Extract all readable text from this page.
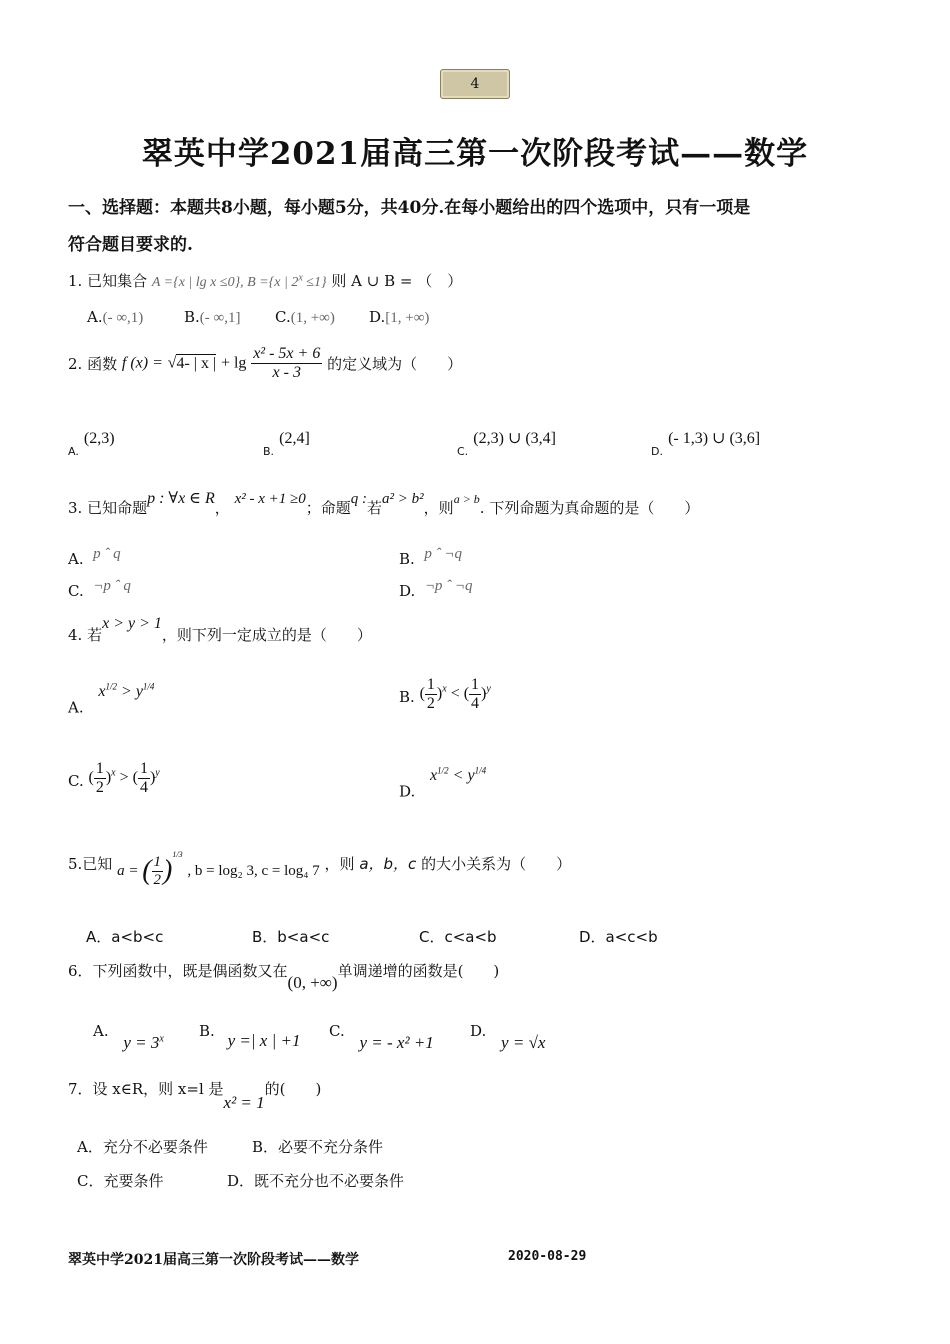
4
翠英中学2021届高三第一次阶段考试——数学
一、选择题：本题共8小题，每小题5分，共40分.在每小题给出的四个选项中，只有一项是
符合题目要求的.
1. 已知集合 A ={x | lg x ≤0}, B ={x | $2^x \le 1$} 则 A ∪ B = （　）
A.(- ∞,1)	B.(- ∞,1] C.(1, +∞) D.[1, +∞)
2. 函数 f (x) = √4- | x | + $\lg \frac{\text{x² - 5x + 6}}{x - 3}$ 的定义域为（　　）
$_{A.}$ (2,3)
$_{B.}$ (2,4]
$_{C.}$ (2,3) ∪ (3,4]
$_{D.}$ (- 1,3) ∪ (3,6]
3. 已知命题p : ∀x ∈ R， x² - x +1 ≥0；命题q :若a² > b²，则a > b. 下列命题为真命题的是（　　）
A. p ˆ q	B. p ˆ ¬q
C. ¬p ˆ q	D. ¬p ˆ ¬q
4. 若x > y > 1，则下列一定成立的是（　　）
A. $x^{1/2} > y^{1/4}$
B. ( $\frac{1}{2} )^x$ < ( $\frac{1}{4} )^y$
C. ( $\frac{1}{2} )^x$ > ( $\frac{1}{4} )^y$
D. $x^{1/2} < y^{1/4}$
5.已知 a = ( $\frac{1}{2} )^{1/3}$ , b = log₂ 3, c = log₄ 7 ，则 a，b，c 的大小关系为（　　）
A．a<b<c	B．b<a<c	C．c<a<b	D．a<c<b
6．下列函数中，既是偶函数又在(0, +∞)单调递增的函数是(　　)
A. $y = 3^x$ B. y =| x | +1 C. y = - x² +1
D. y = √x
7．设 x∈R，则 x=l 是x² = 1的(　　)
A．充分不必要条件	B．必要不充分条件
C．充要条件	D．既不充分也不必要条件
翠英中学2021届高三第一次阶段考试——数学	2020-08-29
